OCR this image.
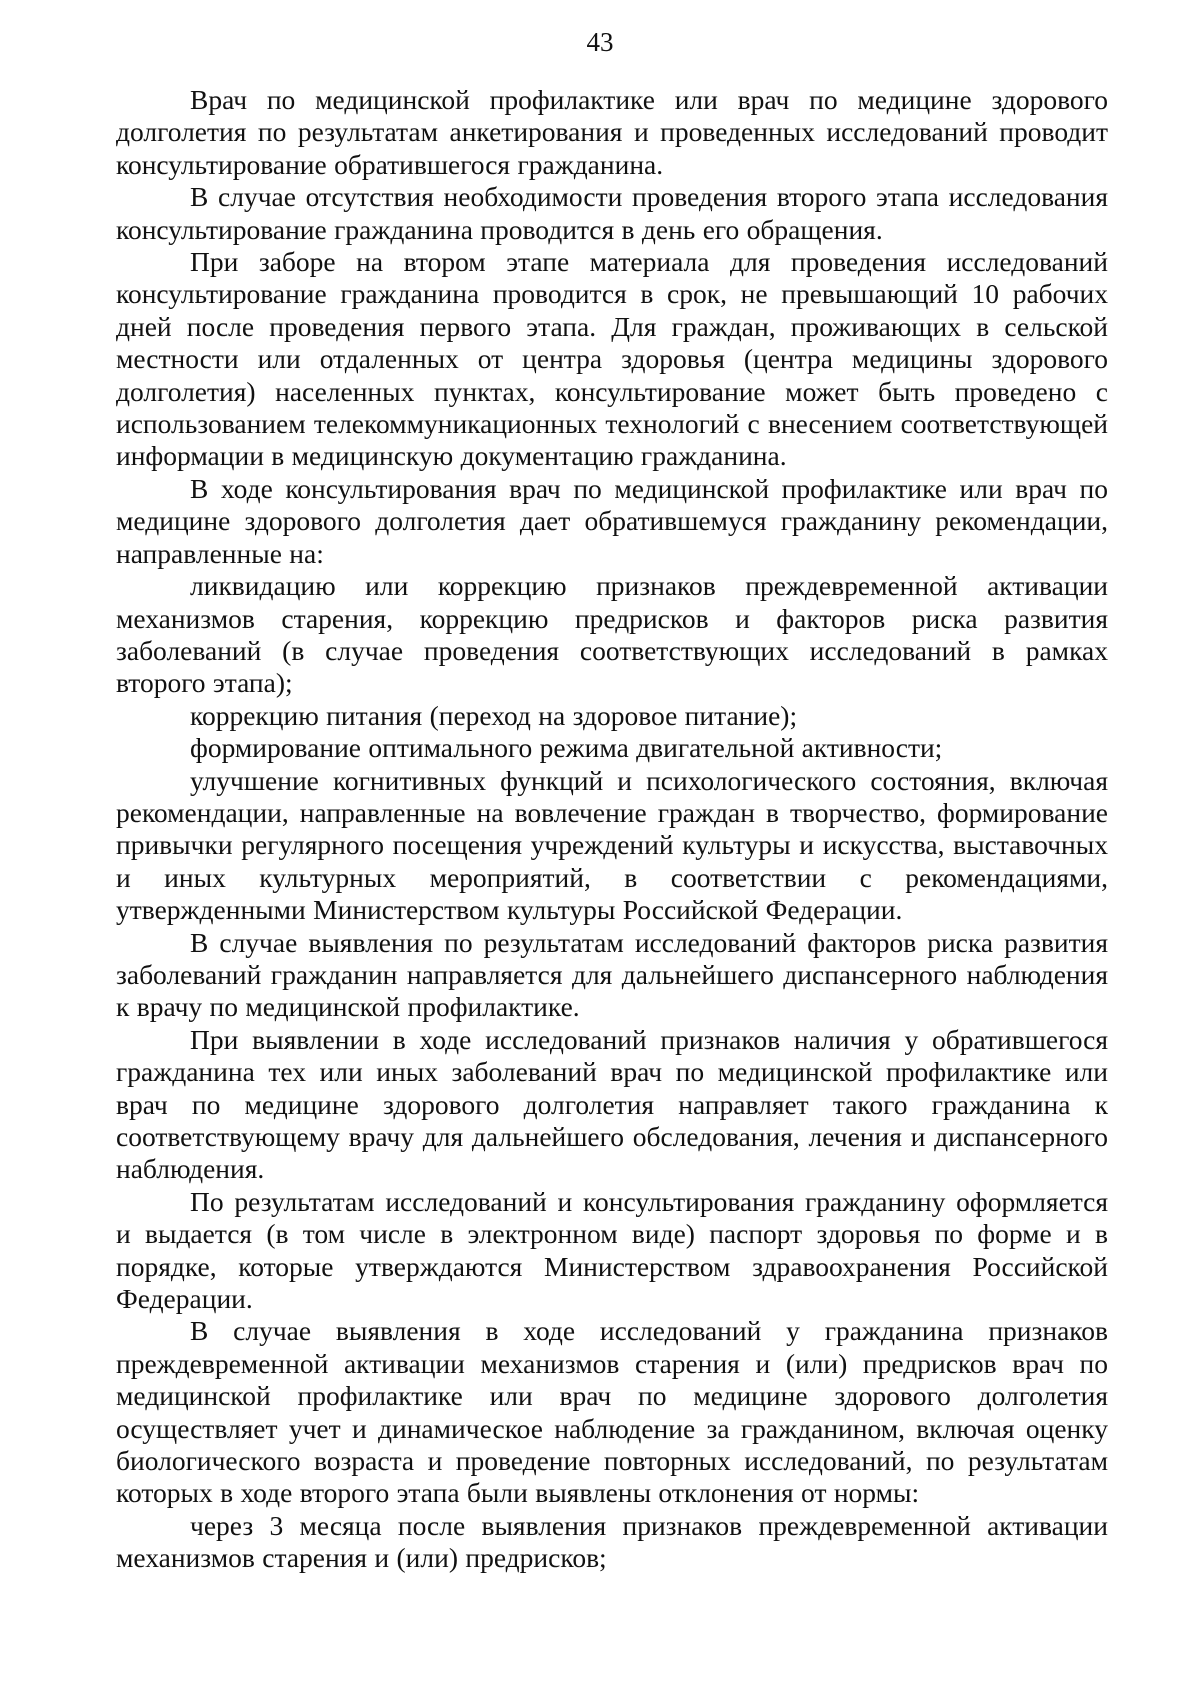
43

Врач по медицинской профилактике или врач по медицине здорового долголетия по результатам анкетирования и проведенных исследований проводит консультирование обратившегося гражданина.

В случае отсутствия необходимости проведения второго этапа исследования консультирование гражданина проводится в день его обращения.

При заборе на втором этапе материала для проведения исследований консультирование гражданина проводится в срок, не превышающий 10 рабочих дней после проведения первого этапа. Для граждан, проживающих в сельской местности или отдаленных от центра здоровья (центра медицины здорового долголетия) населенных пунктах, консультирование может быть проведено с использованием телекоммуникационных технологий с внесением соответствующей информации в медицинскую документацию гражданина.

В ходе консультирования врач по медицинской профилактике или врач по медицине здорового долголетия дает обратившемуся гражданину рекомендации, направленные на:

ликвидацию или коррекцию признаков преждевременной активации механизмов старения, коррекцию предрисков и факторов риска развития заболеваний (в случае проведения соответствующих исследований в рамках второго этапа);

коррекцию питания (переход на здоровое питание);

формирование оптимального режима двигательной активности;

улучшение когнитивных функций и психологического состояния, включая рекомендации, направленные на вовлечение граждан в творчество, формирование привычки регулярного посещения учреждений культуры и искусства, выставочных и иных культурных мероприятий, в соответствии с рекомендациями, утвержденными Министерством культуры Российской Федерации.

В случае выявления по результатам исследований факторов риска развития заболеваний гражданин направляется для дальнейшего диспансерного наблюдения к врачу по медицинской профилактике.

При выявлении в ходе исследований признаков наличия у обратившегося гражданина тех или иных заболеваний врач по медицинской профилактике или врач по медицине здорового долголетия направляет такого гражданина к соответствующему врачу для дальнейшего обследования, лечения и диспансерного наблюдения.

По результатам исследований и консультирования гражданину оформляется и выдается (в том числе в электронном виде) паспорт здоровья по форме и в порядке, которые утверждаются Министерством здравоохранения Российской Федерации.

В случае выявления в ходе исследований у гражданина признаков преждевременной активации механизмов старения и (или) предрисков врач по медицинской профилактике или врач по медицине здорового долголетия осуществляет учет и динамическое наблюдение за гражданином, включая оценку биологического возраста и проведение повторных исследований, по результатам которых в ходе второго этапа были выявлены отклонения от нормы:

через 3 месяца после выявления признаков преждевременной активации механизмов старения и (или) предрисков;
